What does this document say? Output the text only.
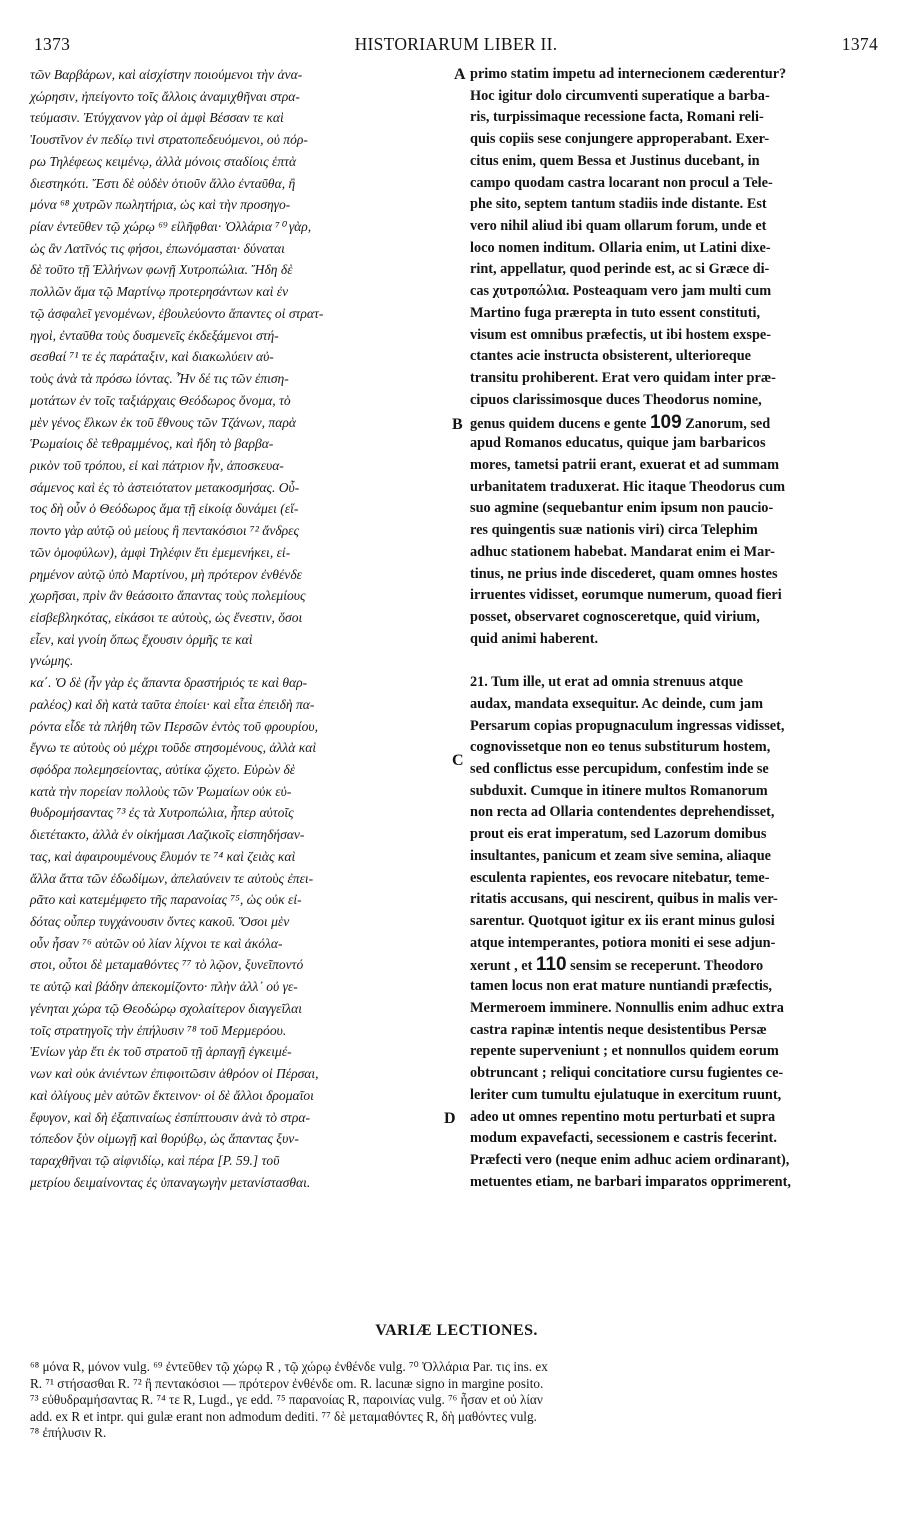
1373	HISTORIARUM LIBER II.	1374
A
B
C
D
τῶν Βαρβάρων, καὶ αἰσχίστην ποιούμενοι τὴν ἀνα-
χώρησιν, ἠπείγοντο τοῖς ἄλλοις ἀναμιχθῆναι στρα-
τεύμασιν. Ἐτύγχανον γὰρ οἱ ἀμφὶ Βέσσαν τε καὶ
Ἰουστῖνον ἐν πεδίῳ τινὶ στρατοπεδευόμενοι, οὐ πόρ-
ρω Τηλέφεως κειμένῳ, ἀλλὰ μόνοις σταδίοις ἑπτὰ
διεστηκότι. Ἔστι δὲ οὐδὲν ὁτιοῦν ἄλλο ἐνταῦθα, ἢ
μόνα ⁶⁸ χυτρῶν πωλητήρια, ὡς καὶ τὴν προσηγο-
ρίαν ἐντεῦθεν τῷ χώρῳ ⁶⁹ εἰλῆφθαι· Ὀλλάρια ⁷⁰ γὰρ,
ὡς ἂν Λατῖνός τις φήσοι, ἐπωνόμασται· δύναται
δὲ τοῦτο τῇ Ἑλλήνων φωνῇ Χυτροπώλια. Ἤδη δὲ
πολλῶν ἅμα τῷ Μαρτίνῳ προτερησάντων καὶ ἐν
τῷ ἀσφαλεῖ γενομένων, ἐβουλεύοντο ἅπαντες οἱ στρατ-
ηγοὶ, ἐνταῦθα τοὺς δυσμενεῖς ἐκδεξάμενοι στή-
σεσθαί ⁷¹ τε ἐς παράταξιν, καὶ διακωλύειν αὐ-
τοὺς ἀνὰ τὰ πρόσω ἰόντας. Ἦν δέ τις τῶν ἐπιση-
μοτάτων ἐν τοῖς ταξιάρχαις Θεόδωρος ὄνομα, τὸ
μὲν γένος ἕλκων ἐκ τοῦ ἔθνους τῶν Τζάνων, παρὰ
Ῥωμαίοις δὲ τεθραμμένος, καὶ ἤδη τὸ βαρβα-
ρικὸν τοῦ τρόπου, εἰ καὶ πάτριον ἦν, ἀποσκευα-
σάμενος καὶ ἐς τὸ ἀστειότατον μετακοσμήσας. Οὗ-
τος δὴ οὖν ὁ Θεόδωρος ἅμα τῇ εἰκοίᾳ δυνάμει (εἵ-
ποντο γὰρ αὐτῷ οὐ μείους ἢ πεντακόσιοι ⁷² ἄνδρες
τῶν ὁμοφύλων), ἀμφὶ Τηλέφιν ἔτι ἐμεμενήκει, εἰ-
ρημένον αὐτῷ ὑπὸ Μαρτίνου, μὴ πρότερον ἐνθένδε
χωρῆσαι, πρὶν ἂν θεάσοιτο ἅπαντας τοὺς πολεμίους
εἰσβεβληκότας, εἰκάσοι τε αὐτοὺς, ὡς ἔνεστιν, ὅσοι
εἶεν, καὶ γνοίη ὅπως ἔχουσιν ὁρμῆς τε καὶ
γνώμης.
κα΄. Ὁ δὲ (ἦν γὰρ ἐς ἅπαντα δραστήριός τε καὶ θαρ-
ραλέος) καὶ δὴ κατὰ ταῦτα ἐποίει· καὶ εἶτα ἐπειδὴ πα-
ρόντα εἶδε τὰ πλήθη τῶν Περσῶν ἐντὸς τοῦ φρουρίου,
ἔγνω τε αὐτοὺς οὐ μέχρι τοῦδε στησομένους, ἀλλὰ καὶ
σφόδρα πολεμησείοντας, αὐτίκα ᾤχετο. Εὑρὼν δὲ
κατὰ τὴν πορείαν πολλοὺς τῶν Ῥωμαίων οὐκ εὐ-
θυδρομήσαντας ⁷³ ἐς τὰ Χυτροπώλια, ἧπερ αὐτοῖς
διετέτακτο, ἀλλὰ ἐν οἰκήμασι Λαζικοῖς εἰσπηδήσαν-
τας, καὶ ἀφαιρουμένους ἔλυμόν τε ⁷⁴ καὶ ζειὰς καὶ
ἄλλα ἄττα τῶν ἐδωδίμων, ἀπελαύνειν τε αὐτοὺς ἐπει-
ρᾶτο καὶ κατεμέμφετο τῆς παρανοίας ⁷⁵, ὡς οὐκ εἰ-
δότας οὗπερ τυγχάνουσιν ὄντες κακοῦ. Ὅσοι μὲν
οὖν ἦσαν ⁷⁶ αὐτῶν οὐ λίαν λίχνοι τε καὶ ἀκόλα-
στοι, οὗτοι δὲ μεταμαθόντες ⁷⁷ τὸ λῷον, ξυνεῖποντό
τε αὐτῷ καὶ βάδην ἀπεκομίζοντο· πλὴν ἀλλ᾽ οὐ γε-
γένηται χώρα τῷ Θεοδώρῳ σχολαίτερον διαγγεῖλαι
τοῖς στρατηγοῖς τὴν ἐπήλυσιν ⁷⁸ τοῦ Μερμερόου.
Ἐνίων γὰρ ἔτι ἐκ τοῦ στρατοῦ τῇ ἁρπαγῇ ἐγκειμέ-
νων καὶ οὐκ ἀνιέντων ἐπιφοιτῶσιν ἀθρόον οἱ Πέρσαι,
καὶ ὀλίγους μὲν αὐτῶν ἔκτεινον· οἱ δὲ ἄλλοι δρομαῖοι
ἔφυγον, καὶ δὴ ἐξαπιναίως ἐσπίπτουσιν ἀνὰ τὸ στρα-
τόπεδον ξὺν οἰμωγῇ καὶ θορύβῳ, ὡς ἅπαντας ξυν-
ταραχθῆναι τῷ αἰφνιδίῳ, καὶ πέρα [P. 59.] τοῦ
μετρίου δειμαίνοντας ἐς ὑπαναγωγὴν μετανίστασθαι.
primo statim impetu ad internecionem cæderentur?
Hoc igitur dolo circumventi superatique a barba-
ris, turpissimaque recessione facta, Romani reli-
quis copiis sese conjungere approperabant. Exer-
citus enim, quem Bessa et Justinus ducebant, in
campo quodam castra locarant non procul a Tele-
phe sito, septem tantum stadiis inde distante. Est
vero nihil aliud ibi quam ollarum forum, unde et
loco nomen inditum. Ollaria enim, ut Latini dixe-
rint, appellatur, quod perinde est, ac si Græce di-
cas χυτροπώλια. Posteaquam vero jam multi cum
Martino fuga prærepta in tuto essent constituti,
visum est omnibus præfectis, ut ibi hostem exspe-
ctantes acie instructa obsisterent, ulterioreque
transitu prohiberent. Erat vero quidam inter præ-
cipuos clarissimosque duces Theodorus nomine,
genus quidem ducens e gente 109 Zanorum, sed
apud Romanos educatus, quique jam barbaricos
mores, tametsi patrii erant, exuerat et ad summam
urbanitatem traduxerat. Hic itaque Theodorus cum
suo agmine (sequebantur enim ipsum non paucio-
res quingentis suæ nationis viri) circa Telephim
adhuc stationem habebat. Mandarat enim ei Mar-
tinus, ne prius inde discederet, quam omnes hostes
irruentes vidisset, eorumque numerum, quoad fieri
posset, observaret cognosceretque, quid virium,
quid animi haberent.
21. Tum ille, ut erat ad omnia strenuus atque
audax, mandata exsequitur. Ac deinde, cum jam
Persarum copias propugnaculum ingressas vidisset,
cognovissetque non eo tenus substiturum hostem,
sed conflictus esse percupidum, confestim inde se
subduxit. Cumque in itinere multos Romanorum
non recta ad Ollaria contendentes deprehendisset,
prout eis erat imperatum, sed Lazorum domibus
insultantes, panicum et zeam sive semina, aliaque
esculenta rapientes, eos revocare nitebatur, teme-
ritatis accusans, qui nescirent, quibus in malis ver-
sarentur. Quotquot igitur ex iis erant minus gulosi
atque intemperantes, potiora moniti ei sese adjun-
xerunt , et 110 sensim se receperunt. Theodoro
tamen locus non erat mature nuntiandi præfectis,
Mermeroem imminere. Nonnullis enim adhuc extra
castra rapinæ intentis neque desistentibus Persæ
repente superveniunt ; et nonnullos quidem eorum
obtruncant ; reliqui concitatiore cursu fugientes ce-
leriter cum tumultu ejulatuque in exercitum ruunt,
adeo ut omnes repentino motu perturbati et supra
modum expavefacti, secessionem e castris fecerint.
Præfecti vero (neque enim adhuc aciem ordinarant),
metuentes etiam, ne barbari imparatos opprimerent,
VARIÆ LECTIONES.
⁶⁸ μόνα R, μόνον vulg. ⁶⁹ ἐντεῦθεν τῷ χώρῳ R , τῷ χώρῳ ἐνθένδε vulg. ⁷⁰ Ὀλλάρια Par. τις ins. ex
R. ⁷¹ στήσασθαι R. ⁷² ἢ πεντακόσιοι — πρότερον ἐνθένδε om. R. lacunæ signo in margine posito.
⁷³ εὐθυδραμήσαντας R. ⁷⁴ τε R, Lugd., γε edd. ⁷⁵ παρανοίας R, παροινίας vulg. ⁷⁶ ἦσαν et οὐ λίαν
add. ex R et intpr. qui gulæ erant non admodum dediti. ⁷⁷ δὲ μεταμαθόντες R, δὴ μαθόντες vulg.
⁷⁸ ἐπήλυσιν R.
